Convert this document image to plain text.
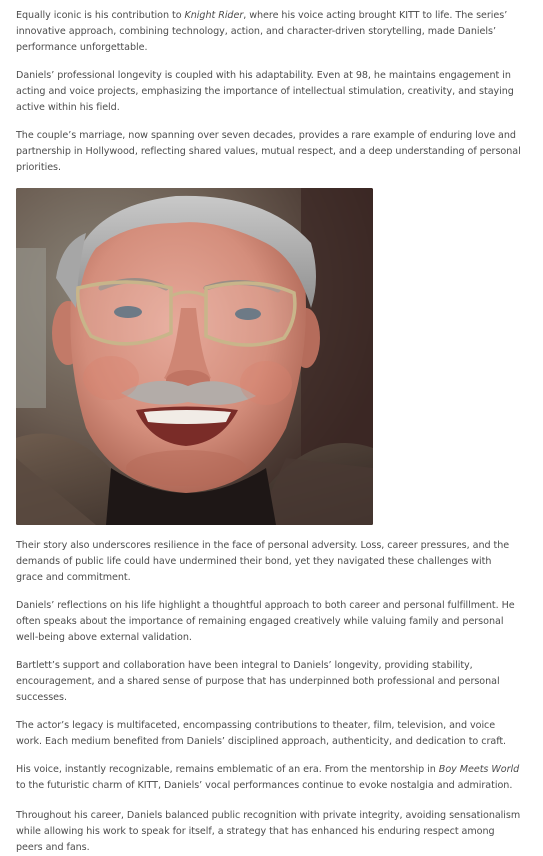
Equally iconic is his contribution to Knight Rider, where his voice acting brought KITT to life. The series’ innovative approach, combining technology, action, and character-driven storytelling, made Daniels’ performance unforgettable.

Daniels’ professional longevity is coupled with his adaptability. Even at 98, he maintains engagement in acting and voice projects, emphasizing the importance of intellectual stimulation, creativity, and staying active within his field.

The couple’s marriage, now spanning over seven decades, provides a rare example of enduring love and partnership in Hollywood, reflecting shared values, mutual respect, and a deep understanding of personal priorities.

Their story also underscores resilience in the face of personal adversity. Loss, career pressures, and the demands of public life could have undermined their bond, yet they navigated these challenges with grace and commitment.

Daniels’ reflections on his life highlight a thoughtful approach to both career and personal fulfillment. He often speaks about the importance of remaining engaged creatively while valuing family and personal well-being above external validation.

Bartlett’s support and collaboration have been integral to Daniels’ longevity, providing stability, encouragement, and a shared sense of purpose that has underpinned both professional and personal successes.

The actor’s legacy is multifaceted, encompassing contributions to theater, film, television, and voice work. Each medium benefited from Daniels’ disciplined approach, authenticity, and dedication to craft.

His voice, instantly recognizable, remains emblematic of an era. From the mentorship in Boy Meets World to the futuristic charm of KITT, Daniels’ vocal performances continue to evoke nostalgia and admiration.

Throughout his career, Daniels balanced public recognition with private integrity, avoiding sensationalism while allowing his work to speak for itself, a strategy that has enhanced his enduring respect among peers and fans.
